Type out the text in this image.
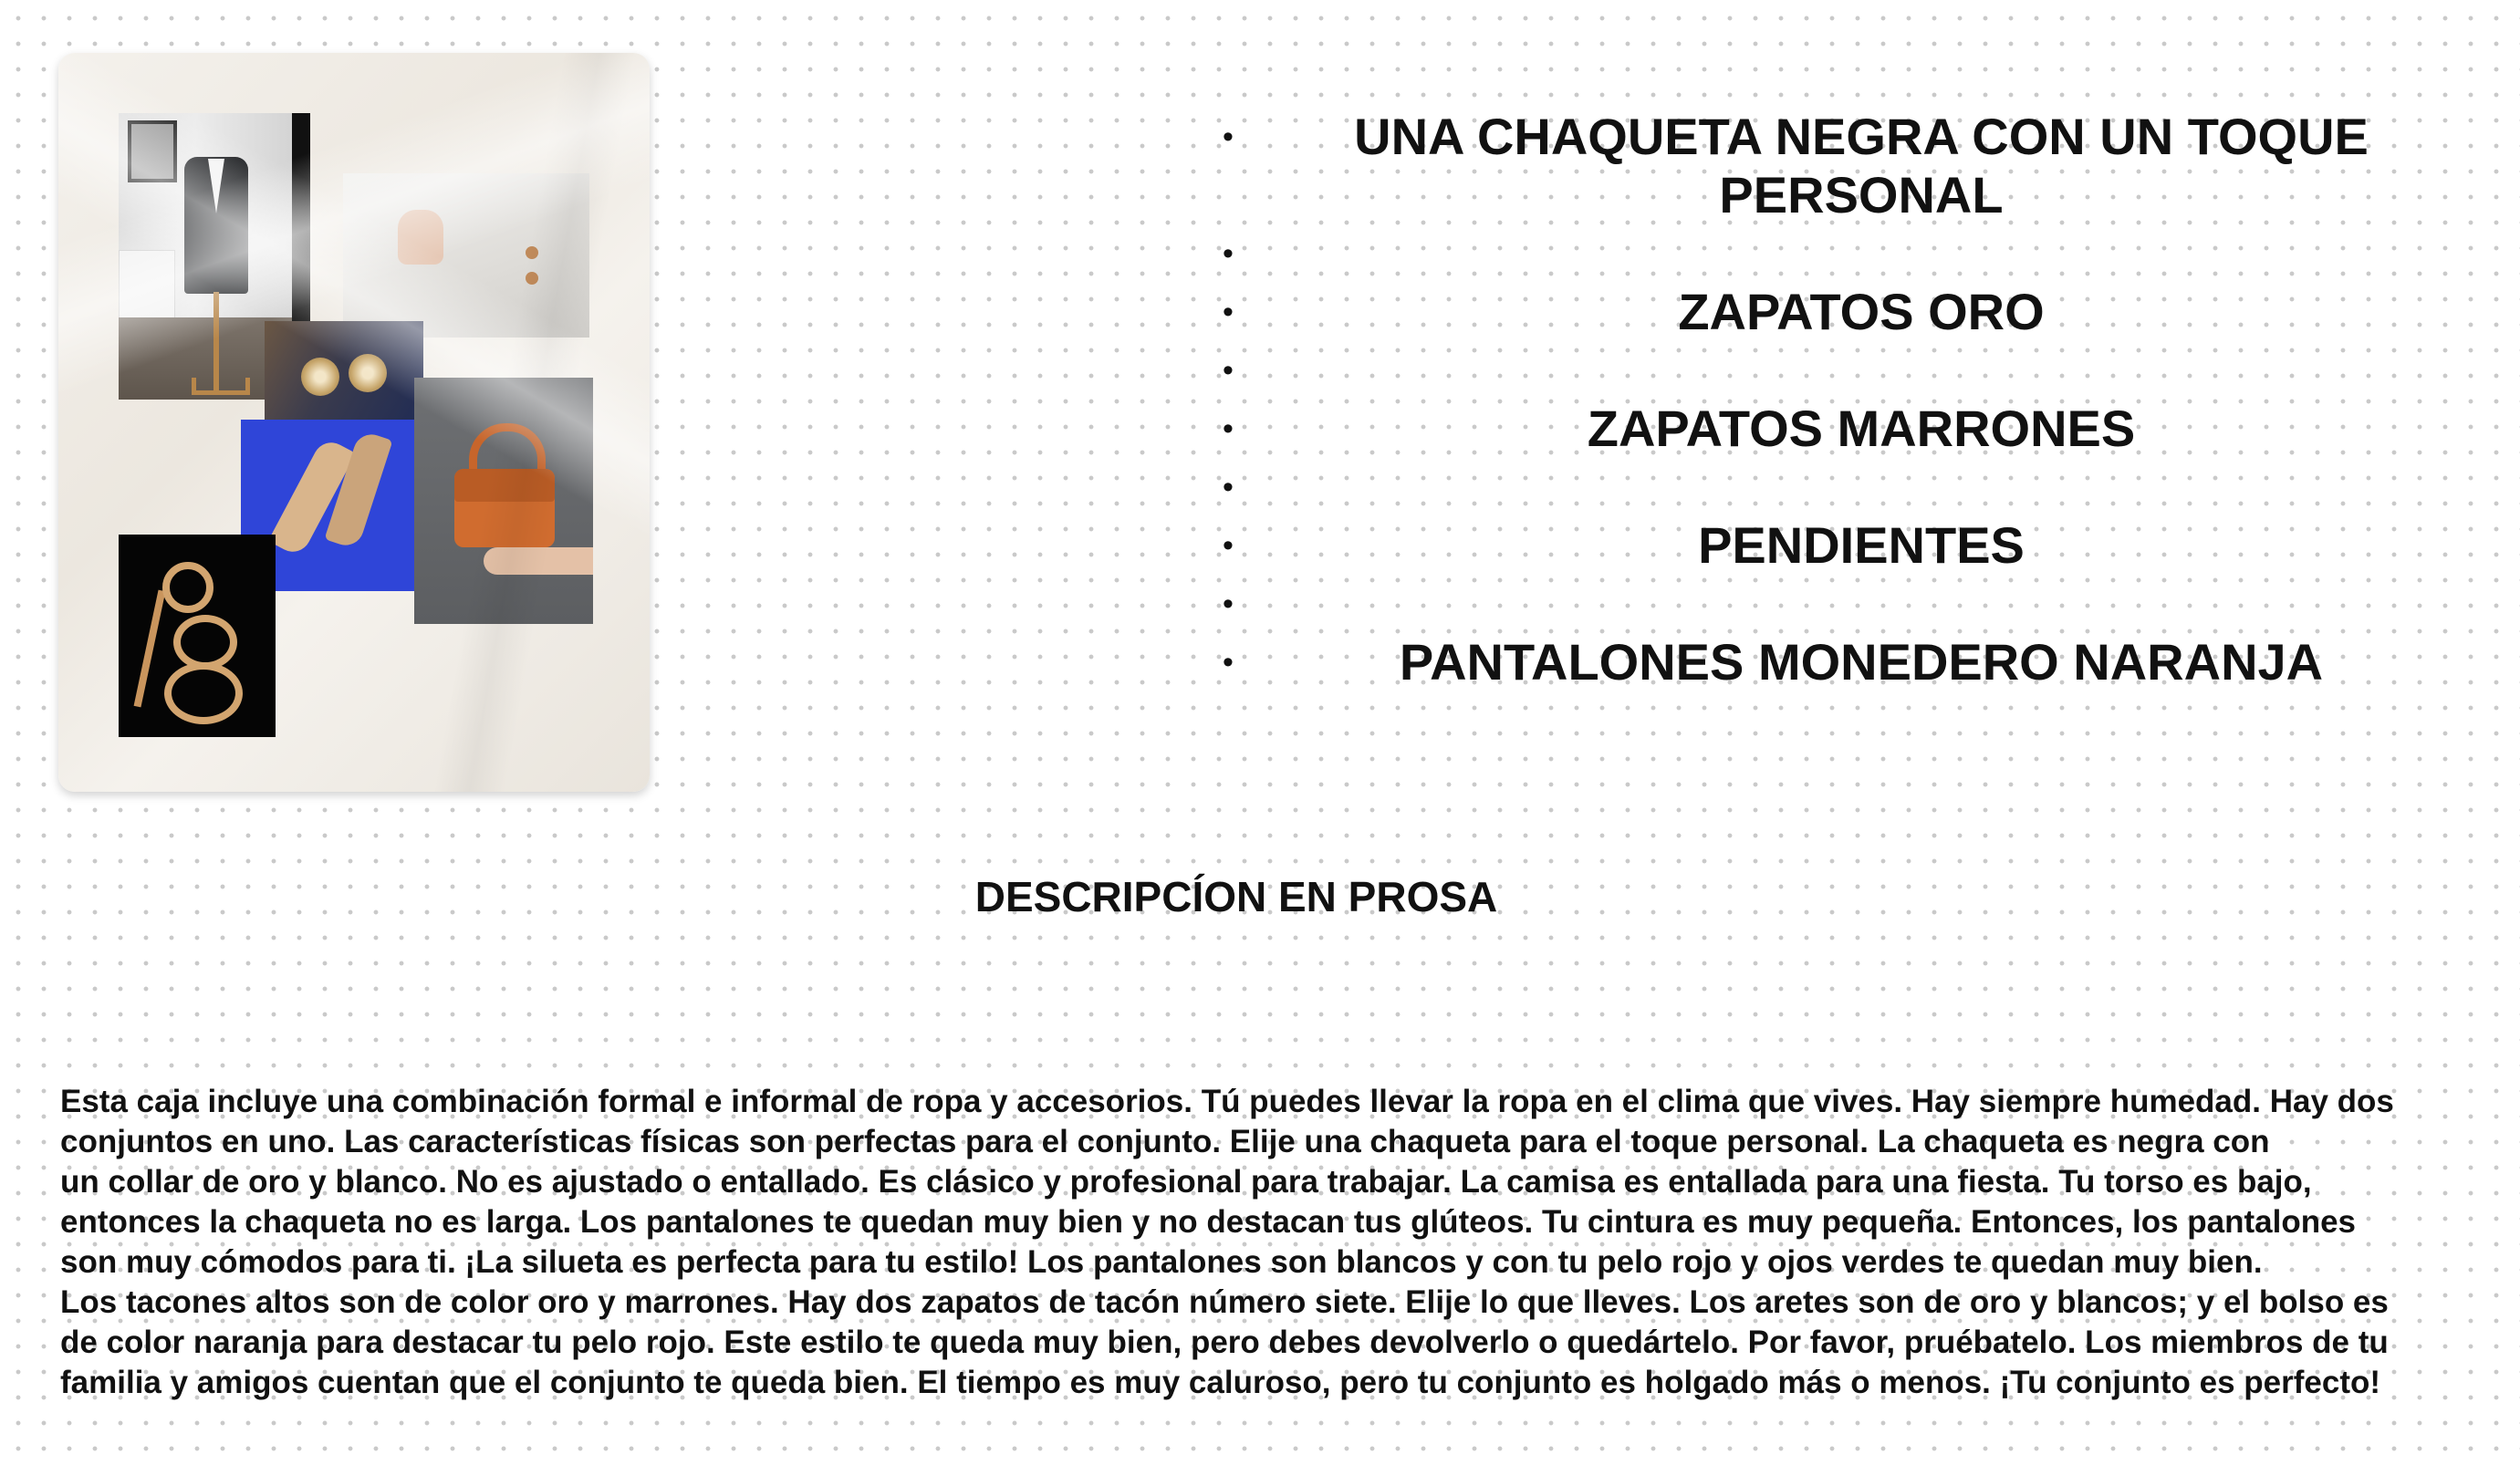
• UNA CHAQUETA NEGRA CON UN TOQUE PERSONAL
•
• ZAPATOS ORO
•
• ZAPATOS MARRONES
•
• PENDIENTES
•
• PANTALONES MONEDERO NARANJA
DESCRIPCÍON EN PROSA

Esta caja incluye una combinación formal e informal de ropa y accesorios. Tú puedes llevar la ropa en el clima que vives. Hay siempre humedad. Hay dos
conjuntos en uno. Las características físicas son perfectas para el conjunto. Elije una chaqueta para el toque personal. La chaqueta es negra con
un collar de oro y blanco. No es ajustado o entallado. Es clásico y profesional para trabajar. La camisa es entallada para una fiesta. Tu torso es bajo,
entonces la chaqueta no es larga. Los pantalones te quedan muy bien y no destacan tus glúteos. Tu cintura es muy pequeña. Entonces, los pantalones
son muy cómodos para ti. ¡La silueta es perfecta para tu estilo! Los pantalones son blancos y con tu pelo rojo y ojos verdes te quedan muy bien.
Los tacones altos son de color oro y marrones. Hay dos zapatos de tacón número siete. Elije lo que lleves. Los aretes son de oro y blancos; y el bolso es
de color naranja para destacar tu pelo rojo. Este estilo te queda muy bien, pero debes devolverlo o quedártelo. Por favor, pruébatelo. Los miembros de tu
familia y amigos cuentan que el conjunto te queda bien. El tiempo es muy caluroso, pero tu conjunto es holgado más o menos. ¡Tu conjunto es perfecto!
